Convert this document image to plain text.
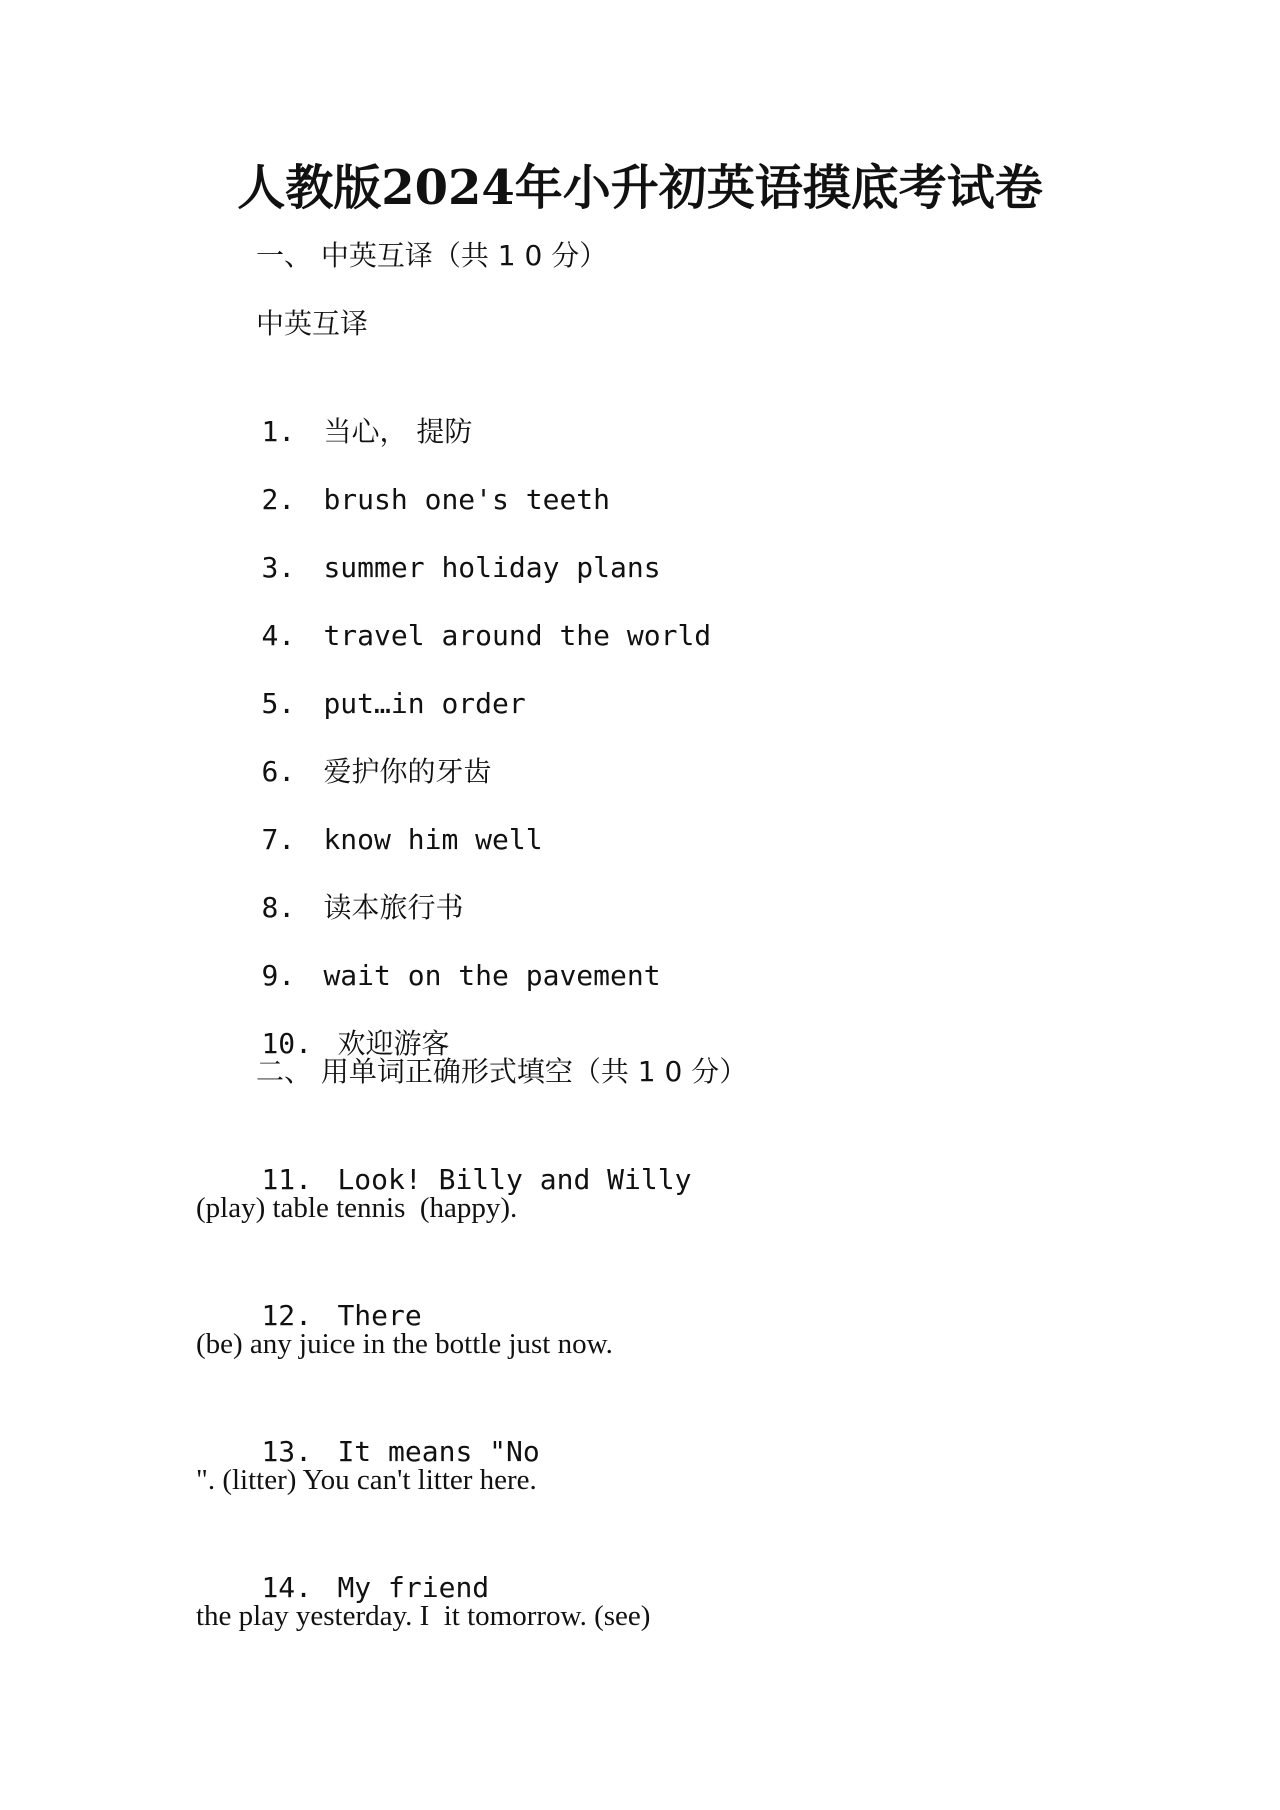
人教版2024年小升初英语摸底考试卷
一、 中英互译（共 1 0 分）
中英互译

1. 当心， 提防

2. brush one's teeth

3. summer holiday plans

4. travel around the world

5. put…in order

6. 爱护你的牙齿

7. know him well

8. 读本旅行书

9. wait on the pavement

10. 欢迎游客

二、 用单词正确形式填空（共 1 0 分）

11. Look! Billy and Willy

(play) table tennis  (happy).

12. There

(be) any juice in the bottle just now.

13. It means "No

". (litter) You can't litter here.

14. My friend

the play yesterday. I  it tomorrow. (see)
